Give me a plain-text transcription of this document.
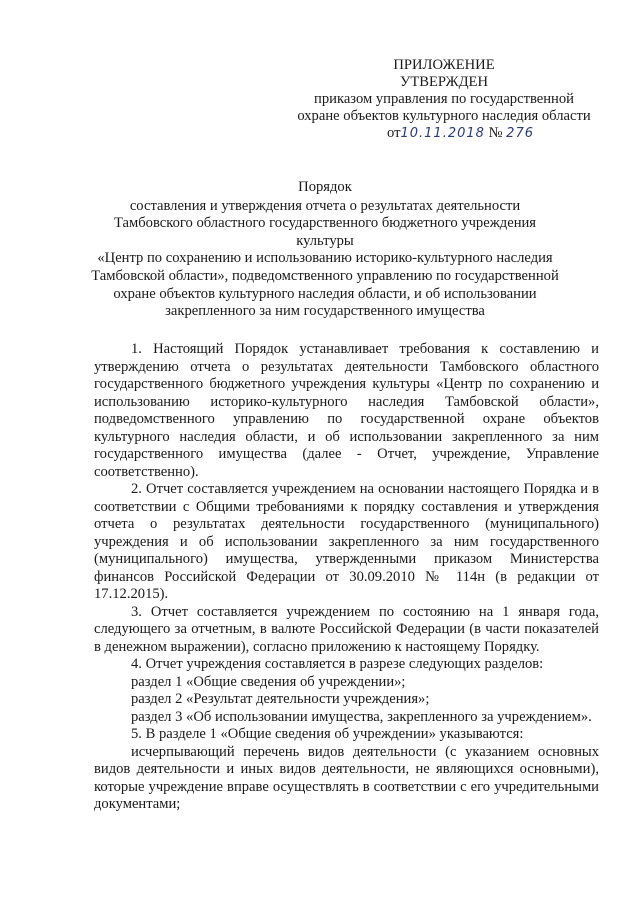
ПРИЛОЖЕНИЕ
УТВЕРЖДЕН
приказом управления по государственной
охране объектов культурного наследия области
от10.11.2018 № 276
Порядок
составления и утверждения отчета о результатах деятельности
Тамбовского областного государственного бюджетного учреждения культуры
«Центр по сохранению и использованию историко-культурного наследия
Тамбовской области», подведомственного управлению по государственной
охране объектов культурного наследия области, и об использовании
закрепленного за ним государственного имущества

1. Настоящий Порядок устанавливает требования к составлению и утверждению отчета о результатах деятельности Тамбовского областного государственного бюджетного учреждения культуры «Центр по сохранению и использованию историко-культурного наследия Тамбовской области», подведомственного управлению по государственной охране объектов культурного наследия области, и об использовании закрепленного за ним государственного имущества (далее - Отчет, учреждение, Управление соответственно).

2. Отчет составляется учреждением на основании настоящего Порядка и в соответствии с Общими требованиями к порядку составления и утверждения отчета о результатах деятельности государственного (муниципального) учреждения и об использовании закрепленного за ним государственного (муниципального) имущества, утвержденными приказом Министерства финансов Российской Федерации от 30.09.2010 № 114н (в редакции от 17.12.2015).

3. Отчет составляется учреждением по состоянию на 1 января года, следующего за отчетным, в валюте Российской Федерации (в части показателей в денежном выражении), согласно приложению к настоящему Порядку.

4. Отчет учреждения составляется в разрезе следующих разделов:

раздел 1 «Общие сведения об учреждении»;

раздел 2 «Результат деятельности учреждения»;

раздел 3 «Об использовании имущества, закрепленного за учреждением».

5. В разделе 1 «Общие сведения об учреждении» указываются:

исчерпывающий перечень видов деятельности (с указанием основных видов деятельности и иных видов деятельности, не являющихся основными), которые учреждение вправе осуществлять в соответствии с его учредительными документами;
